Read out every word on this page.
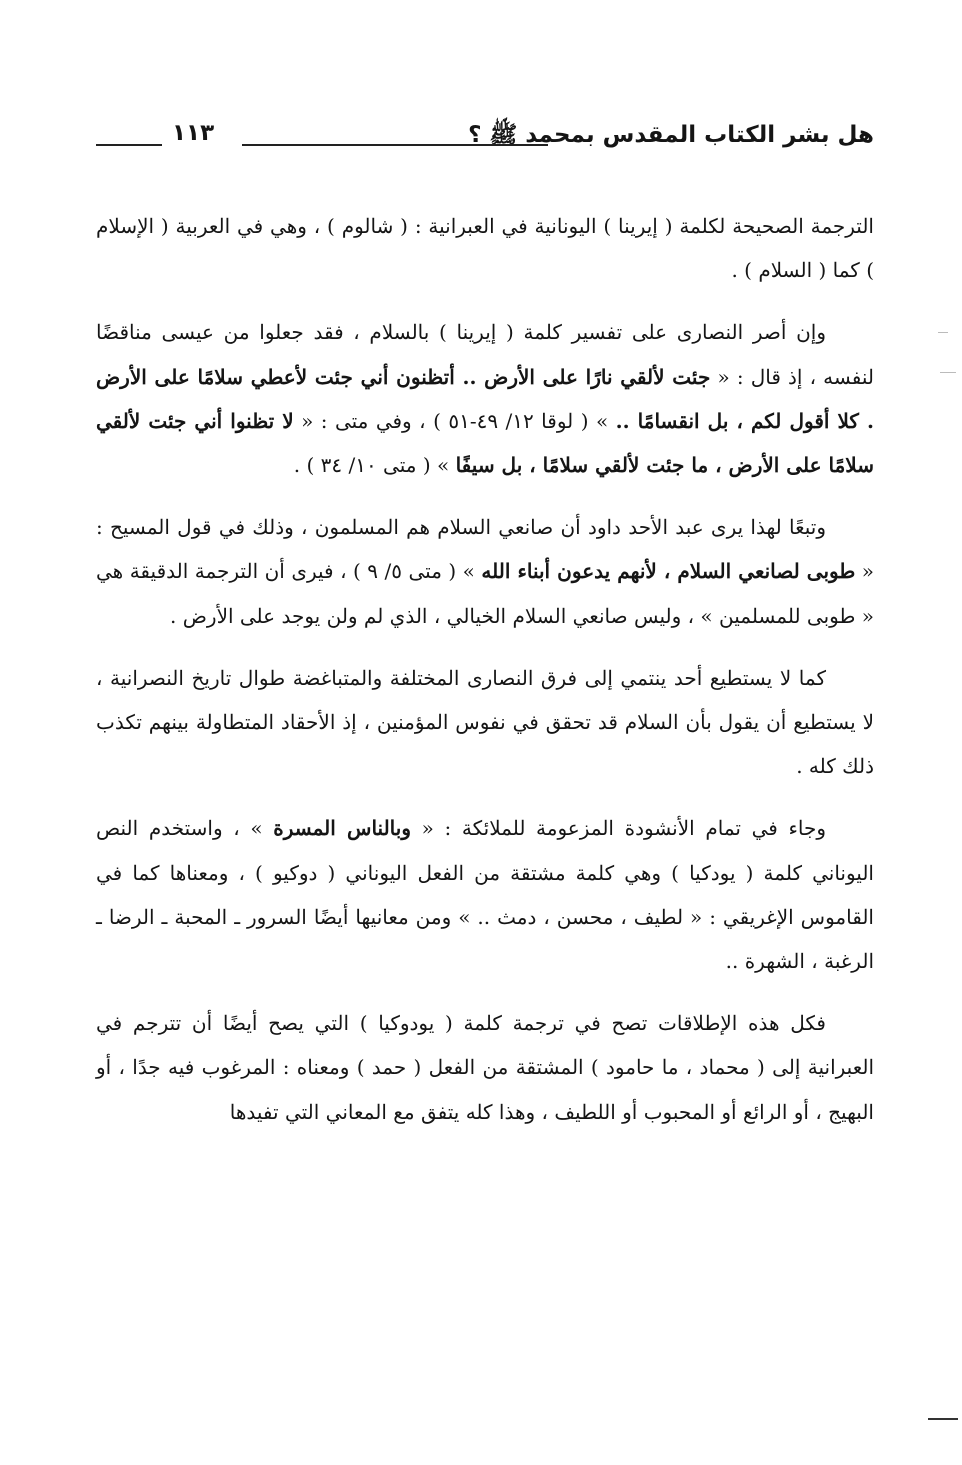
هل بشر الكتاب المقدس بمحمد ﷺ ؟
١١٣

الترجمة الصحيحة لكلمة ( إيرينا ) اليونانية في العبرانية : ( شالوم ) ، وهي في العربية ( الإسلام ) كما ( السلام ) .

وإن أصر النصارى على تفسير كلمة ( إيرينا ) بالسلام ، فقد جعلوا من عيسى مناقضًا لنفسه ، إذ قال : « جئت لألقي نارًا على الأرض .. أتظنون أني جئت لأعطي سلامًا على الأرض . كلا أقول لكم ، بل انقسامًا .. » ( لوقا ١٢/ ٤٩-٥١ ) ، وفي متى : « لا تظنوا أني جئت لألقي سلامًا على الأرض ، ما جئت لألقي سلامًا ، بل سيفًا » ( متى ١٠/ ٣٤ ) .

وتبعًا لهذا يرى عبد الأحد داود أن صانعي السلام هم المسلمون ، وذلك في قول المسيح : « طوبى لصانعي السلام ، لأنهم يدعون أبناء الله » ( متى ٥/ ٩ ) ، فيرى أن الترجمة الدقيقة هي « طوبى للمسلمين » ، وليس صانعي السلام الخيالي ، الذي لم ولن يوجد على الأرض .

كما لا يستطيع أحد ينتمي إلى فرق النصارى المختلفة والمتباغضة طوال تاريخ النصرانية ، لا يستطيع أن يقول بأن السلام قد تحقق في نفوس المؤمنين ، إذ الأحقاد المتطاولة بينهم تكذب ذلك كله .

وجاء في تمام الأنشودة المزعومة للملائكة : « وبالناس المسرة » ، واستخدم النص اليوناني كلمة ( يودكيا ) وهي كلمة مشتقة من الفعل اليوناني ( دوكيو ) ، ومعناها كما في القاموس الإغريقي : « لطيف ، محسن ، دمث .. » ومن معانيها أيضًا السرور ـ المحبة ـ الرضا ـ الرغبة ، الشهرة ..

فكل هذه الإطلاقات تصح في ترجمة كلمة ( يودوكيا ) التي يصح أيضًا أن تترجم في العبرانية إلى ( محماد ، ما حامود ) المشتقة من الفعل ( حمد ) ومعناه : المرغوب فيه جدًا ، أو البهيج ، أو الرائع أو المحبوب أو اللطيف ، وهذا كله يتفق مع المعاني التي تفيدها
